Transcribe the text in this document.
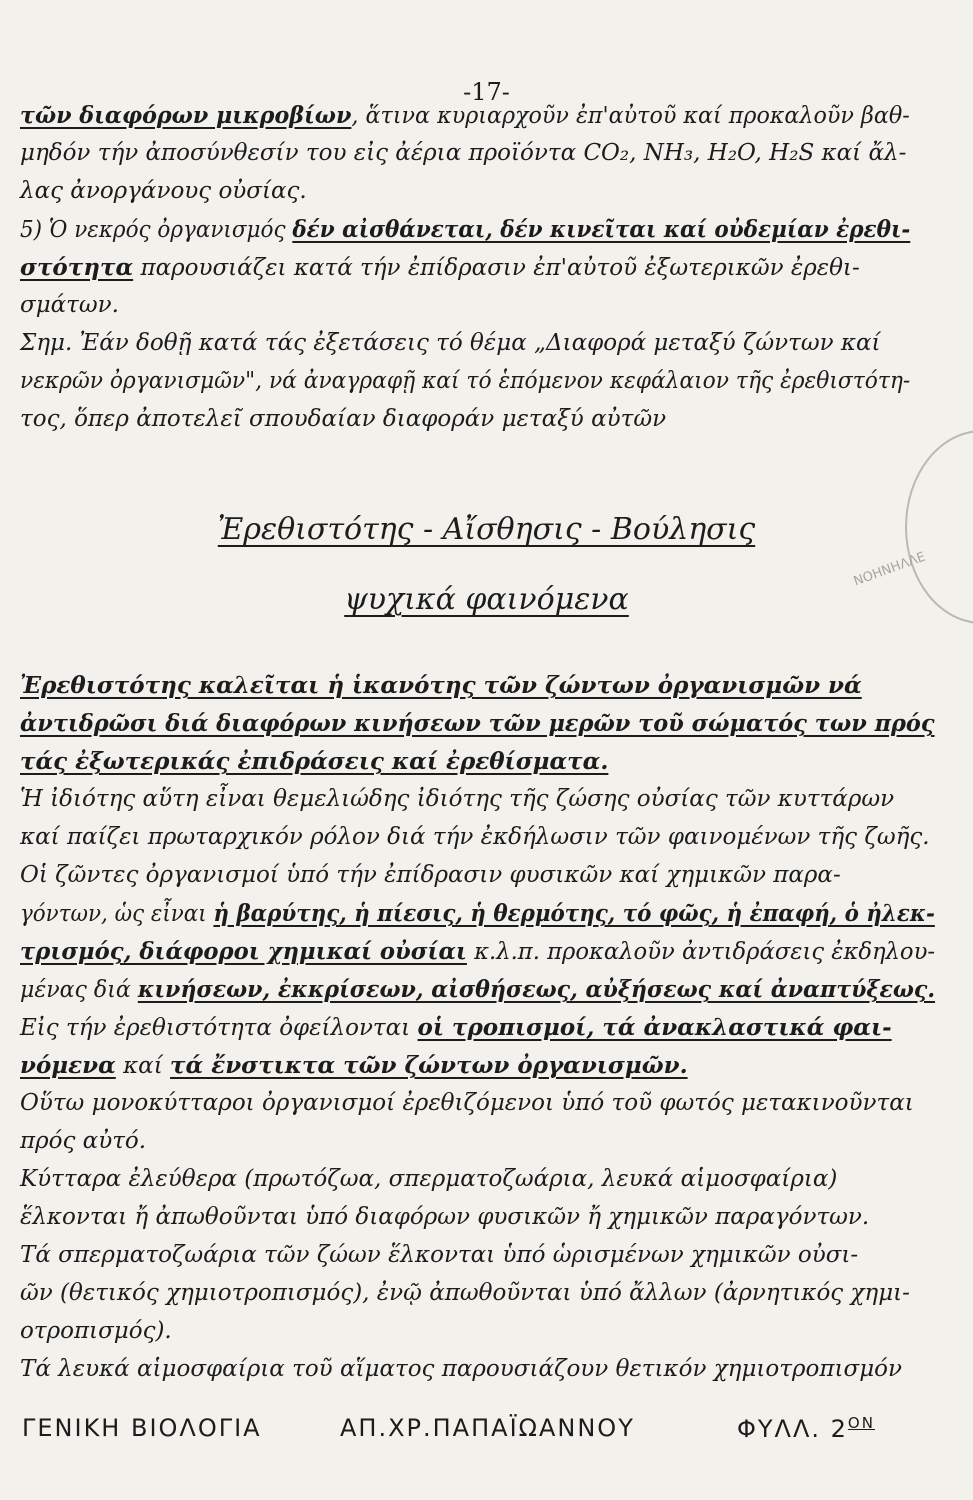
-17-
ΝΟΗΝΗΛΛΕ
τῶν διαφόρων μικροβίων, ἅτινα κυριαρχοῦν ἐπ'αὐτοῦ καί προκαλοῦν βαθ-
μηδόν τήν ἀποσύνθεσίν του εἰς ἀέρια προϊόντα CO₂, NH₃, H₂O, H₂S καί ἄλ-
λας ἀνοργάνους οὐσίας.
5) Ὁ νεκρός ὀργανισμός δέν αἰσθάνεται, δέν κινεῖται καί οὐδεμίαν ἐρεθι-
στότητα παρουσιάζει κατά τήν ἐπίδρασιν ἐπ'αὐτοῦ ἐξωτερικῶν ἐρεθι-
σμάτων.
Σημ. Ἐάν δοθῇ κατά τάς ἐξετάσεις τό θέμα „Διαφορά μεταξύ ζώντων καί
νεκρῶν ὀργανισμῶν", νά ἀναγραφῇ καί τό ἑπόμενον κεφάλαιον τῆς ἐρεθιστότη-
τος, ὅπερ ἀποτελεῖ σπουδαίαν διαφοράν μεταξύ αὐτῶν
Ἐρεθιστότης - Αἴσθησις - Βούλησις
ψυχικά φαινόμενα
Ἐρεθιστότης καλεῖται ἡ ἱκανότης τῶν ζώντων ὀργανισμῶν νά
ἀντιδρῶσι διά διαφόρων κινήσεων τῶν μερῶν τοῦ σώματός των πρός
τάς ἐξωτερικάς ἐπιδράσεις καί ἐρεθίσματα.
Ἡ ἰδιότης αὕτη εἶναι θεμελιώδης ἰδιότης τῆς ζώσης οὐσίας τῶν κυττάρων
καί παίζει πρωταρχικόν ρόλον διά τήν ἐκδήλωσιν τῶν φαινομένων τῆς ζωῆς.
Οἱ ζῶντες ὀργανισμοί ὑπό τήν ἐπίδρασιν φυσικῶν καί χημικῶν παρα-
γόντων, ὡς εἶναι ἡ βαρύτης, ἡ πίεσις, ἡ θερμότης, τό φῶς, ἡ ἐπαφή, ὁ ἠλεκ-
τρισμός, διάφοροι χημικαί οὐσίαι κ.λ.π. προκαλοῦν ἀντιδράσεις ἐκδηλου-
μένας διά κινήσεων, ἐκκρίσεων, αἰσθήσεως, αὐξήσεως καί ἀναπτύξεως.
Εἰς τήν ἐρεθιστότητα ὀφείλονται οἱ τροπισμοί, τά ἀνακλαστικά φαι-
νόμενα καί τά ἔνστικτα τῶν ζώντων ὀργανισμῶν.
Οὕτω μονοκύτταροι ὀργανισμοί ἐρεθιζόμενοι ὑπό τοῦ φωτός μετακινοῦνται
πρός αὐτό.
Κύτταρα ἐλεύθερα (πρωτόζωα, σπερματοζωάρια, λευκά αἱμοσφαίρια)
ἕλκονται ἤ ἀπωθοῦνται ὑπό διαφόρων φυσικῶν ἤ χημικῶν παραγόντων.
Τά σπερματοζωάρια τῶν ζώων ἕλκονται ὑπό ὡρισμένων χημικῶν οὐσι-
ῶν (θετικός χημιοτροπισμός), ἐνῷ ἀπωθοῦνται ὑπό ἄλλων (ἀρνητικός χημι-
οτροπισμός).
Τά λευκά αἱμοσφαίρια τοῦ αἵματος παρουσιάζουν θετικόν χημιοτροπισμόν
ΓΕΝΙΚΗ ΒΙΟΛΟΓΙΑ	ΑΠ.ΧΡ.ΠΑΠΑΪΩΑΝΝΟΥ	ΦΥΛΛ. $2^{ON}$
